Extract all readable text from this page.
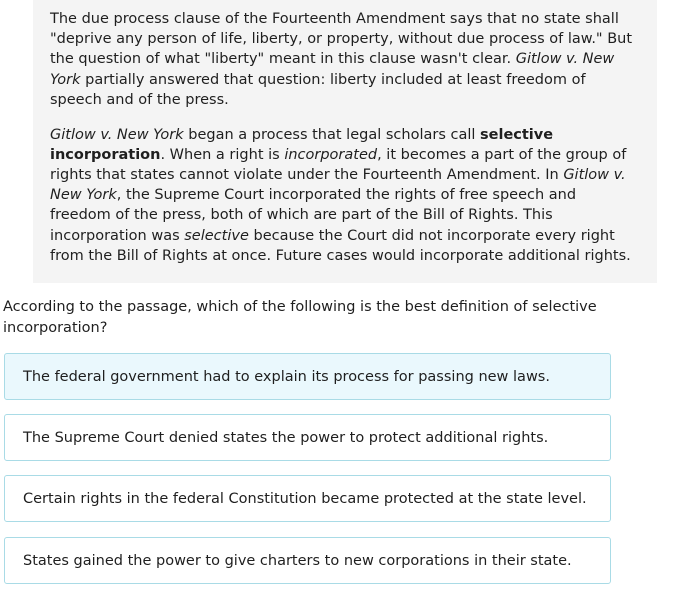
The due process clause of the Fourteenth Amendment says that no state shall "deprive any person of life, liberty, or property, without due process of law." But the question of what "liberty" meant in this clause wasn't clear. Gitlow v. New York partially answered that question: liberty included at least freedom of speech and of the press.

Gitlow v. New York began a process that legal scholars call selective incorporation. When a right is incorporated, it becomes a part of the group of rights that states cannot violate under the Fourteenth Amendment. In Gitlow v. New York, the Supreme Court incorporated the rights of free speech and freedom of the press, both of which are part of the Bill of Rights. This incorporation was selective because the Court did not incorporate every right from the Bill of Rights at once. Future cases would incorporate additional rights.

According to the passage, which of the following is the best definition of selective incorporation?
The federal government had to explain its process for passing new laws.
The Supreme Court denied states the power to protect additional rights.
Certain rights in the federal Constitution became protected at the state level.
States gained the power to give charters to new corporations in their state.
